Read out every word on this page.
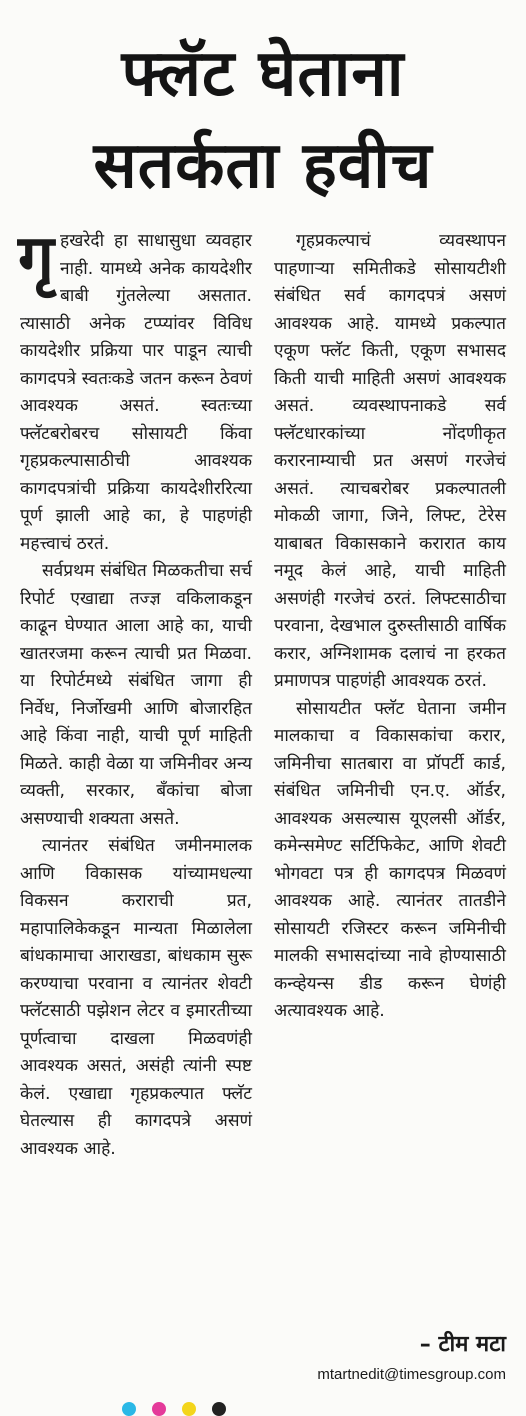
फ्लॅट घेताना
सतर्कता हवीच

गृहखरेदी हा साधासुधा व्यवहार नाही. यामध्ये अनेक कायदेशीर बाबी गुंतलेल्या असतात. त्यासाठी अनेक टप्प्यांवर विविध कायदेशीर प्रक्रिया पार पाडून त्याची कागदपत्रे स्वतःकडे जतन करून ठेवणं आवश्यक असतं. स्वतःच्या फ्लॅटबरोबरच सोसायटी किंवा गृहप्रकल्पासाठीची आवश्यक कागदपत्रांची प्रक्रिया कायदेशीररित्या पूर्ण झाली आहे का, हे पाहणंही महत्त्वाचं ठरतं.

सर्वप्रथम संबंधित मिळकतीचा सर्च रिपोर्ट एखाद्या तज्ज्ञ वकिलाकडून काढून घेण्यात आला आहे का, याची खातरजमा करून त्याची प्रत मिळवा. या रिपोर्टमध्ये संबंधित जागा ही निर्वेध, निर्जोखमी आणि बोजारहित आहे किंवा नाही, याची पूर्ण माहिती मिळते. काही वेळा या जमिनीवर अन्य व्यक्ती, सरकार, बँकांचा बोजा असण्याची शक्यता असते.

त्यानंतर संबंधित जमीनमालक आणि विकासक यांच्यामधल्या विकसन कराराची प्रत, महापालिकेकडून मान्यता मिळालेला बांधकामाचा आराखडा, बांधकाम सुरू करण्याचा परवाना व त्यानंतर शेवटी फ्लॅटसाठी पझेशन लेटर व इमारतीच्या पूर्णत्वाचा दाखला मिळवणंही आवश्यक असतं, असंही त्यांनी स्पष्ट केलं. एखाद्या गृहप्रकल्पात फ्लॅट घेतल्यास ही कागदपत्रे असणं आवश्यक आहे.

गृहप्रकल्पाचं व्यवस्थापन पाहणाऱ्या समितीकडे सोसायटीशी संबंधित सर्व कागदपत्रं असणं आवश्यक आहे. यामध्ये प्रकल्पात एकूण फ्लॅट किती, एकूण सभासद किती याची माहिती असणं आवश्यक असतं. व्यवस्थापनाकडे सर्व फ्लॅटधारकांच्या नोंदणीकृत करारनाम्याची प्रत असणं गरजेचं असतं. त्याचबरोबर प्रकल्पातली मोकळी जागा, जिने, लिफ्ट, टेरेस याबाबत विकासकाने करारात काय नमूद केलं आहे, याची माहिती असणंही गरजेचं ठरतं. लिफ्टसाठीचा परवाना, देखभाल दुरुस्तीसाठी वार्षिक करार, अग्निशामक दलाचं ना हरकत प्रमाणपत्र पाहणंही आवश्यक ठरतं.

सोसायटीत फ्लॅट घेताना जमीन मालकाचा व विकासकांचा करार, जमिनीचा सातबारा वा प्रॉपर्टी कार्ड, संबंधित जमिनीची एन.ए. ऑर्डर, आवश्यक असल्यास यूएलसी ऑर्डर, कमेन्समेण्ट सर्टिफिकेट, आणि शेवटी भोगवटा पत्र ही कागदपत्र मिळवणं आवश्यक आहे. त्यानंतर तातडीने सोसायटी रजिस्टर करून जमिनीची मालकी सभासदांच्या नावे होण्यासाठी कन्व्हेयन्स डीड करून घेणंही अत्यावश्यक आहे.

– टीम मटा
mtartnedit@timesgroup.com
